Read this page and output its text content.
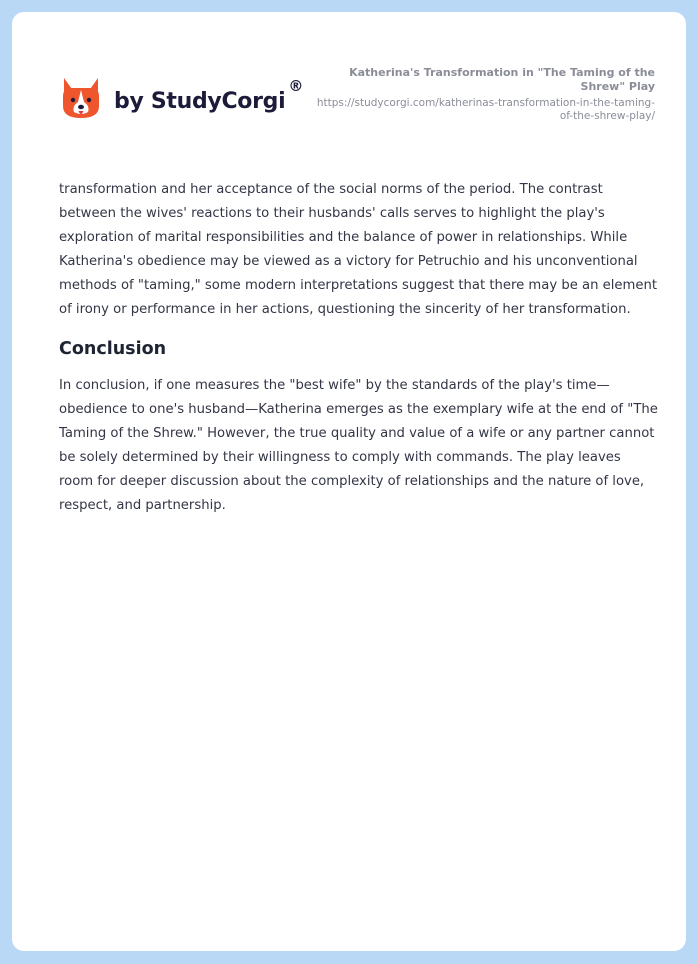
by StudyCorgi
®
Katherina's Transformation in "The Taming of the Shrew" Play
https://studycorgi.com/katherinas-transformation-in-the-taming-of-the-shrew-play/

transformation and her acceptance of the social norms of the period. The contrast between the wives' reactions to their husbands' calls serves to highlight the play's exploration of marital responsibilities and the balance of power in relationships. While Katherina's obedience may be viewed as a victory for Petruchio and his unconventional methods of "taming," some modern interpretations suggest that there may be an element of irony or performance in her actions, questioning the sincerity of her transformation.

Conclusion

In conclusion, if one measures the "best wife" by the standards of the play's time—obedience to one's husband—Katherina emerges as the exemplary wife at the end of "The Taming of the Shrew." However, the true quality and value of a wife or any partner cannot be solely determined by their willingness to comply with commands. The play leaves room for deeper discussion about the complexity of relationships and the nature of love, respect, and partnership.
